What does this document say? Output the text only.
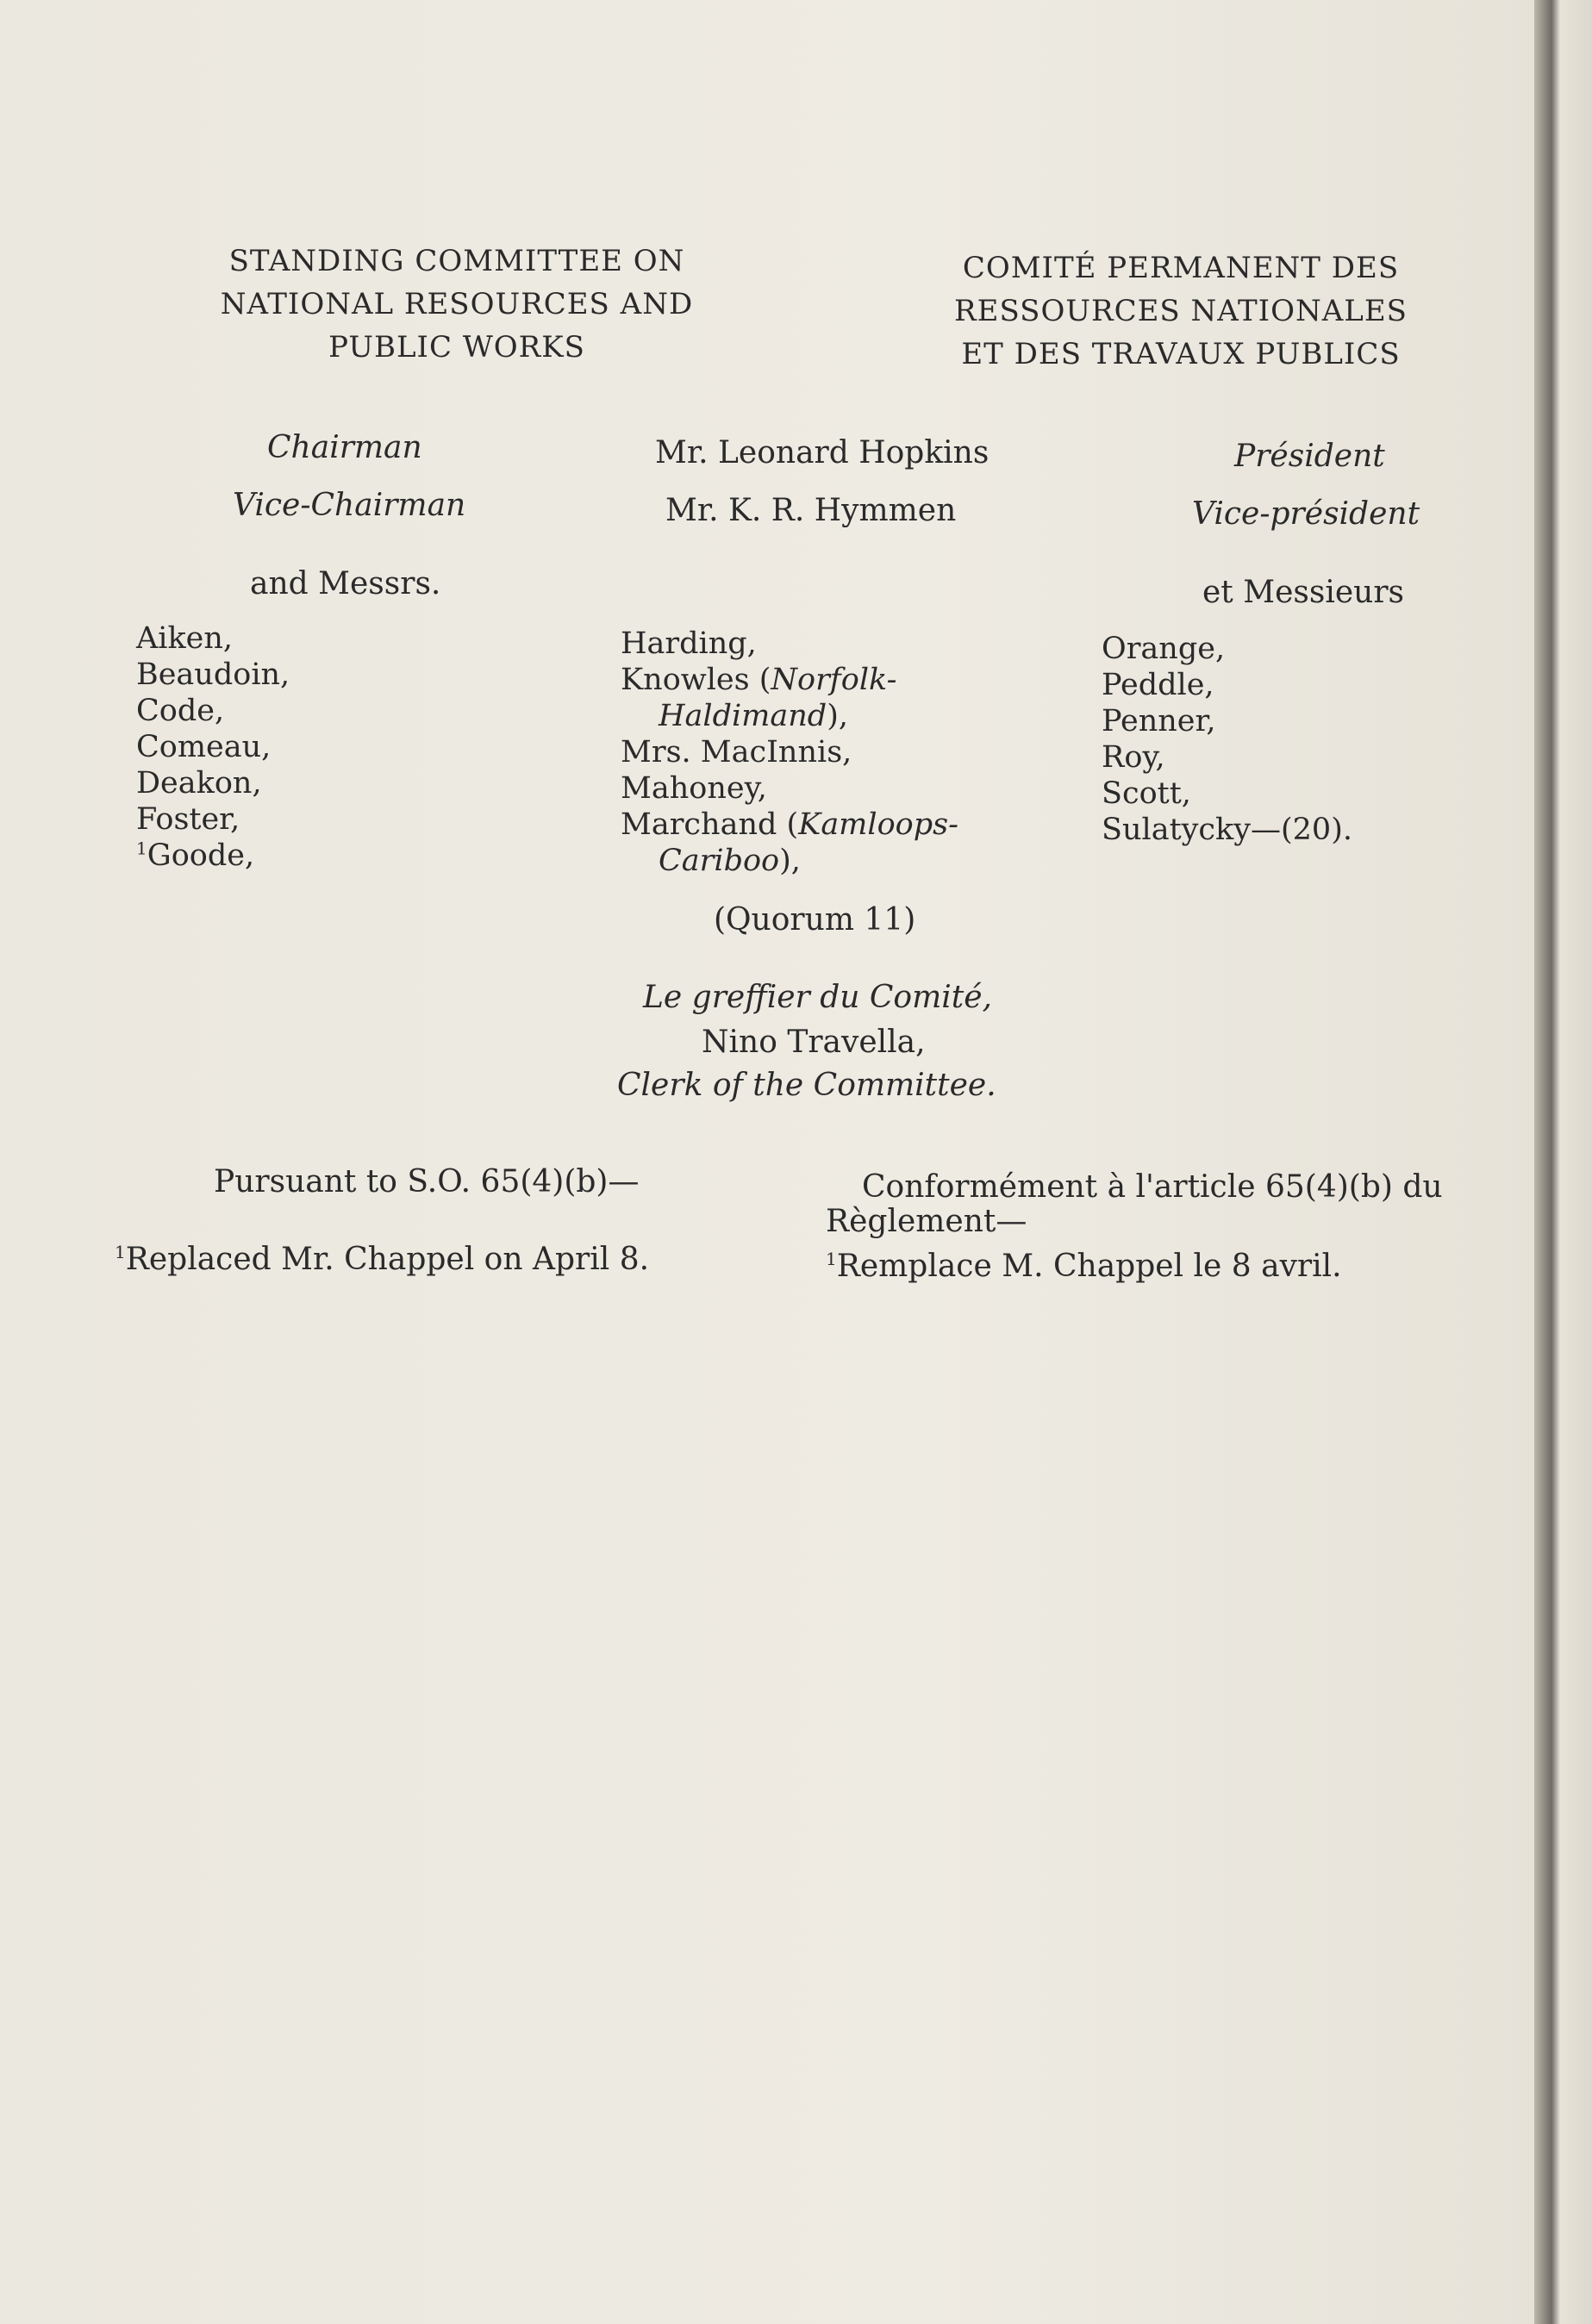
STANDING COMMITTEE ON
NATIONAL RESOURCES AND
PUBLIC WORKS
COMITÉ PERMANENT DES
RESSOURCES NATIONALES
ET DES TRAVAUX PUBLICS
Chairman	Mr. Leonard Hopkins	Président
Vice-Chairman	Mr. K. R. Hymmen	Vice-président
and Messrs.	et Messieurs
Aiken,
Beaudoin,
Code,
Comeau,
Deakon,
Foster,
$^1$Goode,
Harding,
Knowles (Norfolk-
Haldimand),
Mrs. MacInnis,
Mahoney,
Marchand (Kamloops-
Cariboo),
Orange,
Peddle,
Penner,
Roy,
Scott,
Sulatycky—(20).
(Quorum 11)
Le greffier du Comité,
Nino Travella,
Clerk of the Committee.
Pursuant to S.O. 65(4)(b)—
$^1$Replaced Mr. Chappel on April 8.
Conformément à l'article 65(4)(b) du
Règlement—
$^1$Remplace M. Chappel le 8 avril.
